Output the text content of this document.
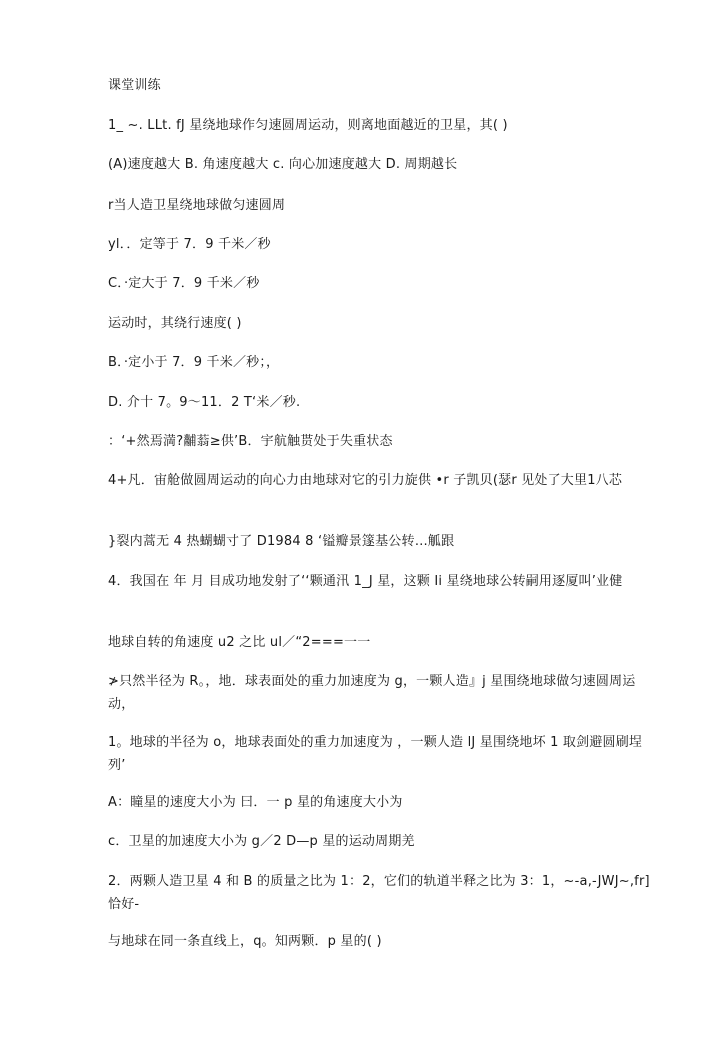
课堂训练
1_ ~. LLt. fJ 星绕地球作匀速圆周运动，则离地面越近的卫星，其( )
(A)速度越大 B. 角速度越大 c. 向心加速度越大 D. 周期越长
r当人造卫星绕地球做匀速圆周
yl．．定等于 7．9 千米／秒
C．·定大于 7．9 千米／秒
运动时，其绕行速度( )
B．·定小于 7．9 千米／秒；，
D. 介十 7。9～11．2 T‘米／秒.
：‘+然焉満?黼蓊≥供’B．宇航触贳处于失重状态
4+凡．宙舱做圆周运动的向心力由地球对它的引力旋供 •r 子凯贝(瑟r 见处了大里1八芯
}裂内蒿无 4 热蝴蝴寸了 D1984 8 ‘镒瓣景篴基公转…觚跟
4．我国在 年 月 目成功地发射了‘‘颗通汛 1_J 星，这颗 Ii 星绕地球公转嗣用逐厦叫’业健
地球自转的角速度 u2 之比 ul／“2===一一
≯只然半径为 R。，地．球表面处的重力加速度为 g，一颗人造』j 星围绕地球做匀速圆周运动，
1。地球的半径为 o，地球表面处的重力加速度为 ，一颗人造 lJ 星围绕地坏 1 取剑避圆刷埕列’
A：瞳星的速度大小为 曰．一 p 星的角速度大小为
c．卫星的加速度大小为 g／2 D—p 星的运动周期羌
2．两颗人造卫星 4 和 B 的质量之比为 1：2，它们的轨道半释之比为 3：1，~-a,-JWJ~,fr]恰好-
与地球在同一条直线上，q。知两颗．p 星的( )
